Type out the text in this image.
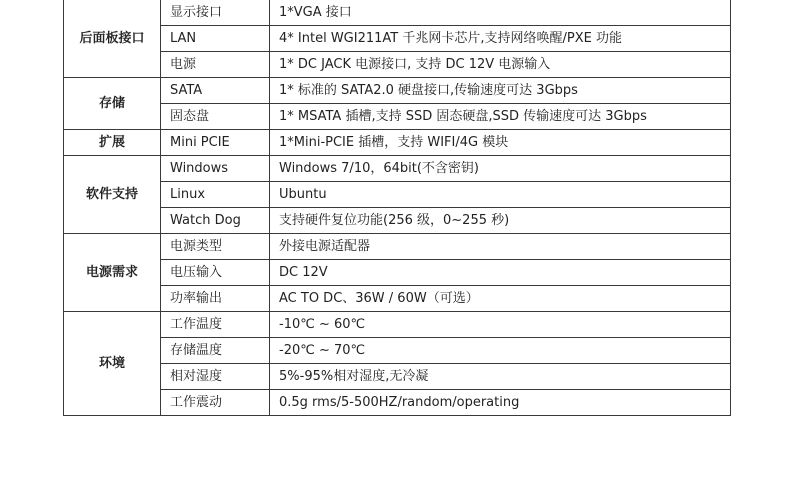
后面板接口	显示接口	1*VGA 接口
	LAN	4* Intel WGI211AT 千兆网卡芯片,支持网络唤醒/PXE 功能
	电源	1* DC JACK 电源接口, 支持 DC 12V 电源输入
存储	SATA	1* 标准的 SATA2.0 硬盘接口,传输速度可达 3Gbps
	固态盘	1* MSATA 插槽,支持 SSD 固态硬盘,SSD 传输速度可达 3Gbps
扩展	Mini PCIE	1*Mini-PCIE 插槽，支持 WIFI/4G 模块
软件支持	Windows	Windows 7/10，64bit(不含密钥)
	Linux	Ubuntu
	Watch Dog	支持硬件复位功能(256 级，0~255 秒)
电源需求	电源类型	外接电源适配器
	电压输入	DC 12V
	功率输出	AC TO DC、36W / 60W（可选）
环境	工作温度	-10℃ ~ 60℃
	存储温度	-20℃ ~ 70℃
	相对湿度	5%-95%相对湿度,无冷凝
	工作震动	0.5g rms/5-500HZ/random/operating
